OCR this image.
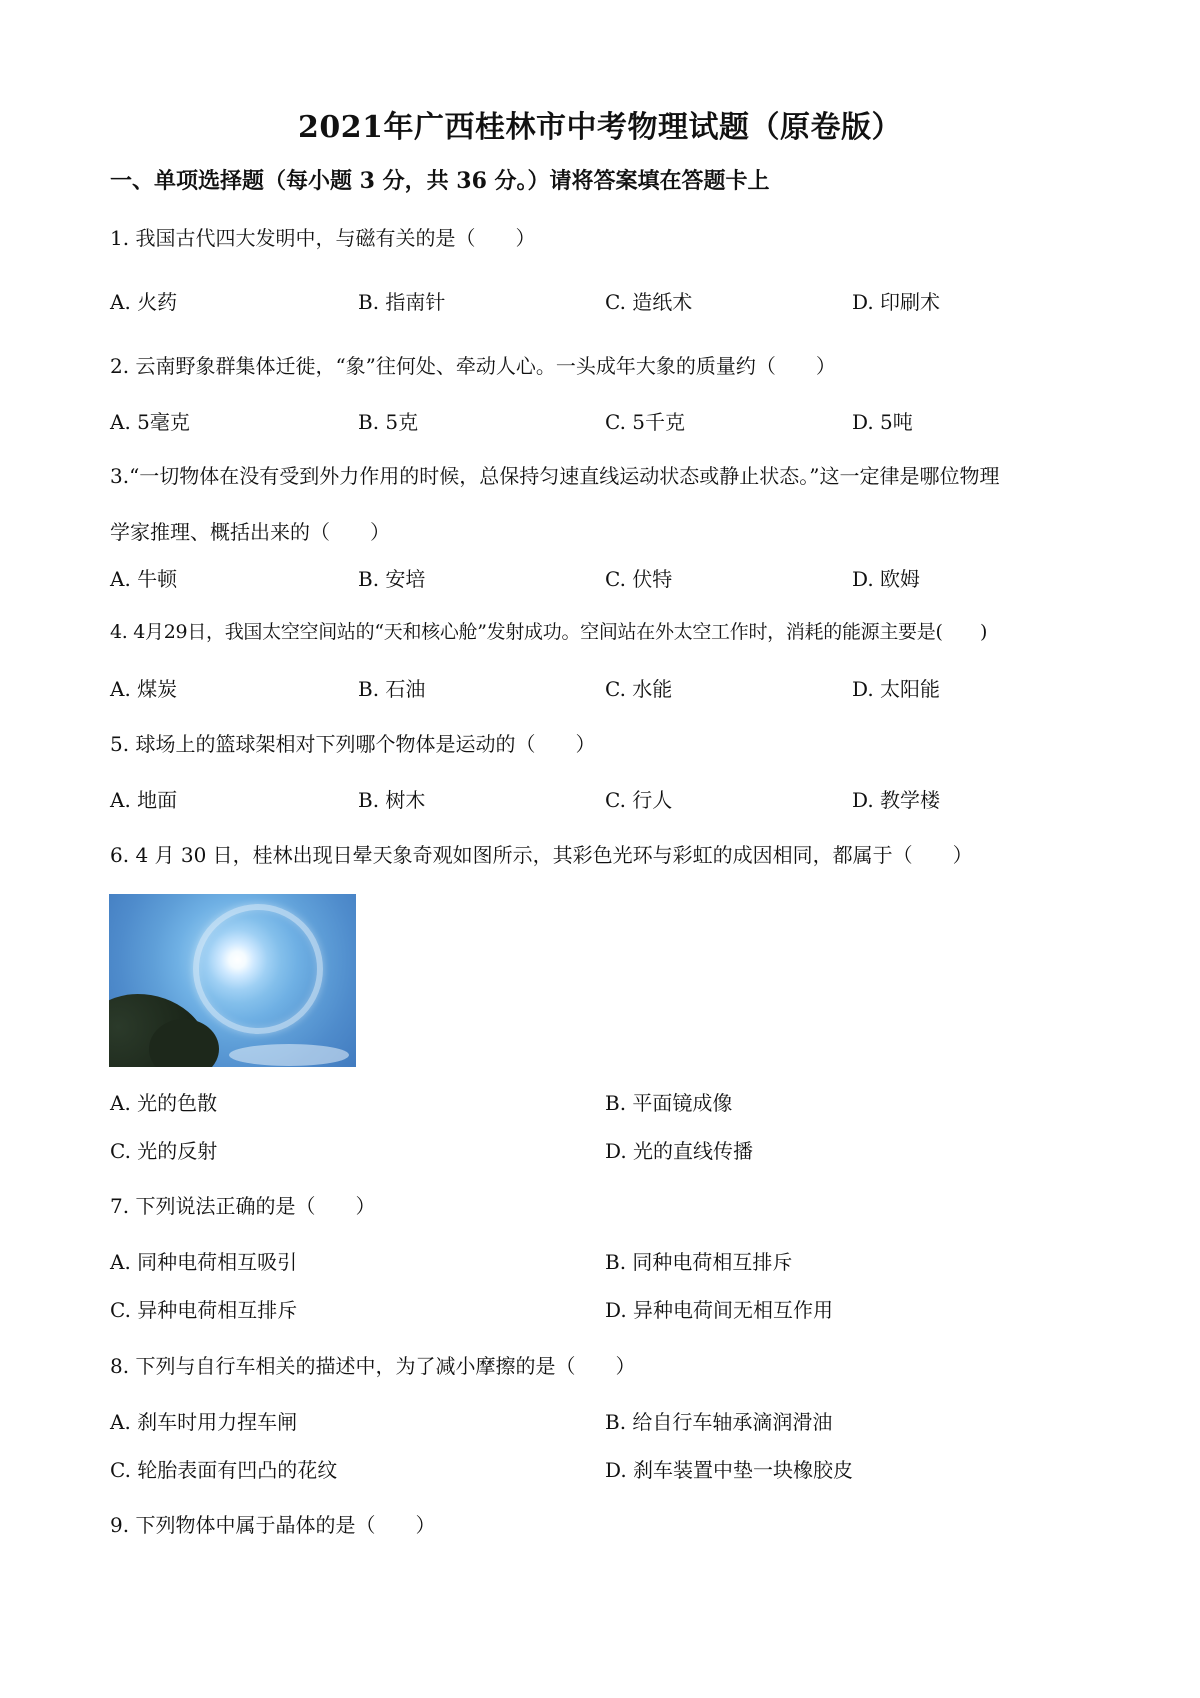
2021年广西桂林市中考物理试题（原卷版）
一、单项选择题（每小题 3 分，共 36 分。）请将答案填在答题卡上
1. 我国古代四大发明中，与磁有关的是（　　）
A. 火药	B. 指南针	C. 造纸术	D. 印刷术
2. 云南野象群集体迁徙，“象”往何处、牵动人心。一头成年大象的质量约（　　）
A. 5毫克	B. 5克	C. 5千克	D. 5吨
3.“一切物体在没有受到外力作用的时候，总保持匀速直线运动状态或静止状态。”这一定律是哪位物理
学家推理、概括出来的（　　）
A. 牛顿	B. 安培	C. 伏特	D. 欧姆
4. 4月29日，我国太空空间站的“天和核心舱”发射成功。空间站在外太空工作时，消耗的能源主要是(　　)
A. 煤炭	B. 石油	C. 水能	D. 太阳能
5. 球场上的篮球架相对下列哪个物体是运动的（　　）
A. 地面	B. 树木	C. 行人	D. 教学楼
6. 4 月 30 日，桂林出现日晕天象奇观如图所示，其彩色光环与彩虹的成因相同，都属于（　　）
A. 光的色散	B. 平面镜成像
C. 光的反射	D. 光的直线传播
7. 下列说法正确的是（　　）
A. 同种电荷相互吸引	B. 同种电荷相互排斥
C. 异种电荷相互排斥	D. 异种电荷间无相互作用
8. 下列与自行车相关的描述中，为了减小摩擦的是（　　）
A. 刹车时用力捏车闸	B. 给自行车轴承滴润滑油
C. 轮胎表面有凹凸的花纹	D. 刹车装置中垫一块橡胶皮
9. 下列物体中属于晶体的是（　　）
